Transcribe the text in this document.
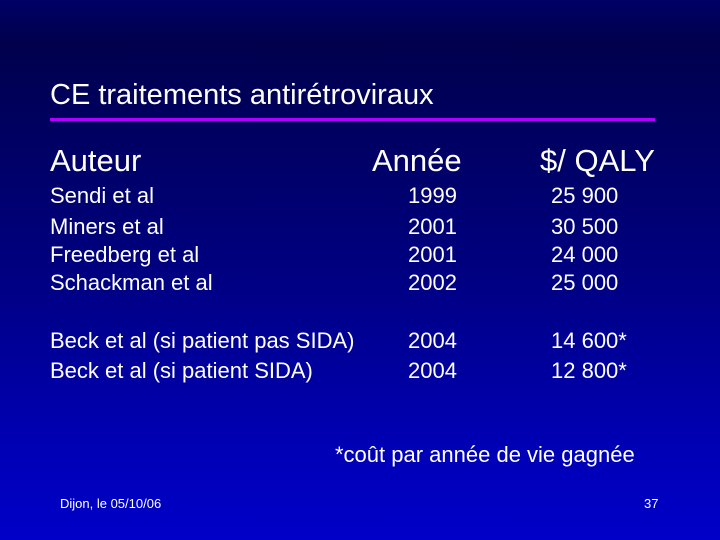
CE traitements antirétroviraux
Auteur	Année	$/ QALY
Sendi et al	1999	25 900
Miners et al	2001	30 500
Freedberg et al	2001	24 000
Schackman et al	2002	25 000
Beck et al (si patient pas SIDA) 2004	14 600*
Beck et al (si patient SIDA)	2004	12 800*
*coût par année de vie gagnée
Dijon, le 05/10/06	37
